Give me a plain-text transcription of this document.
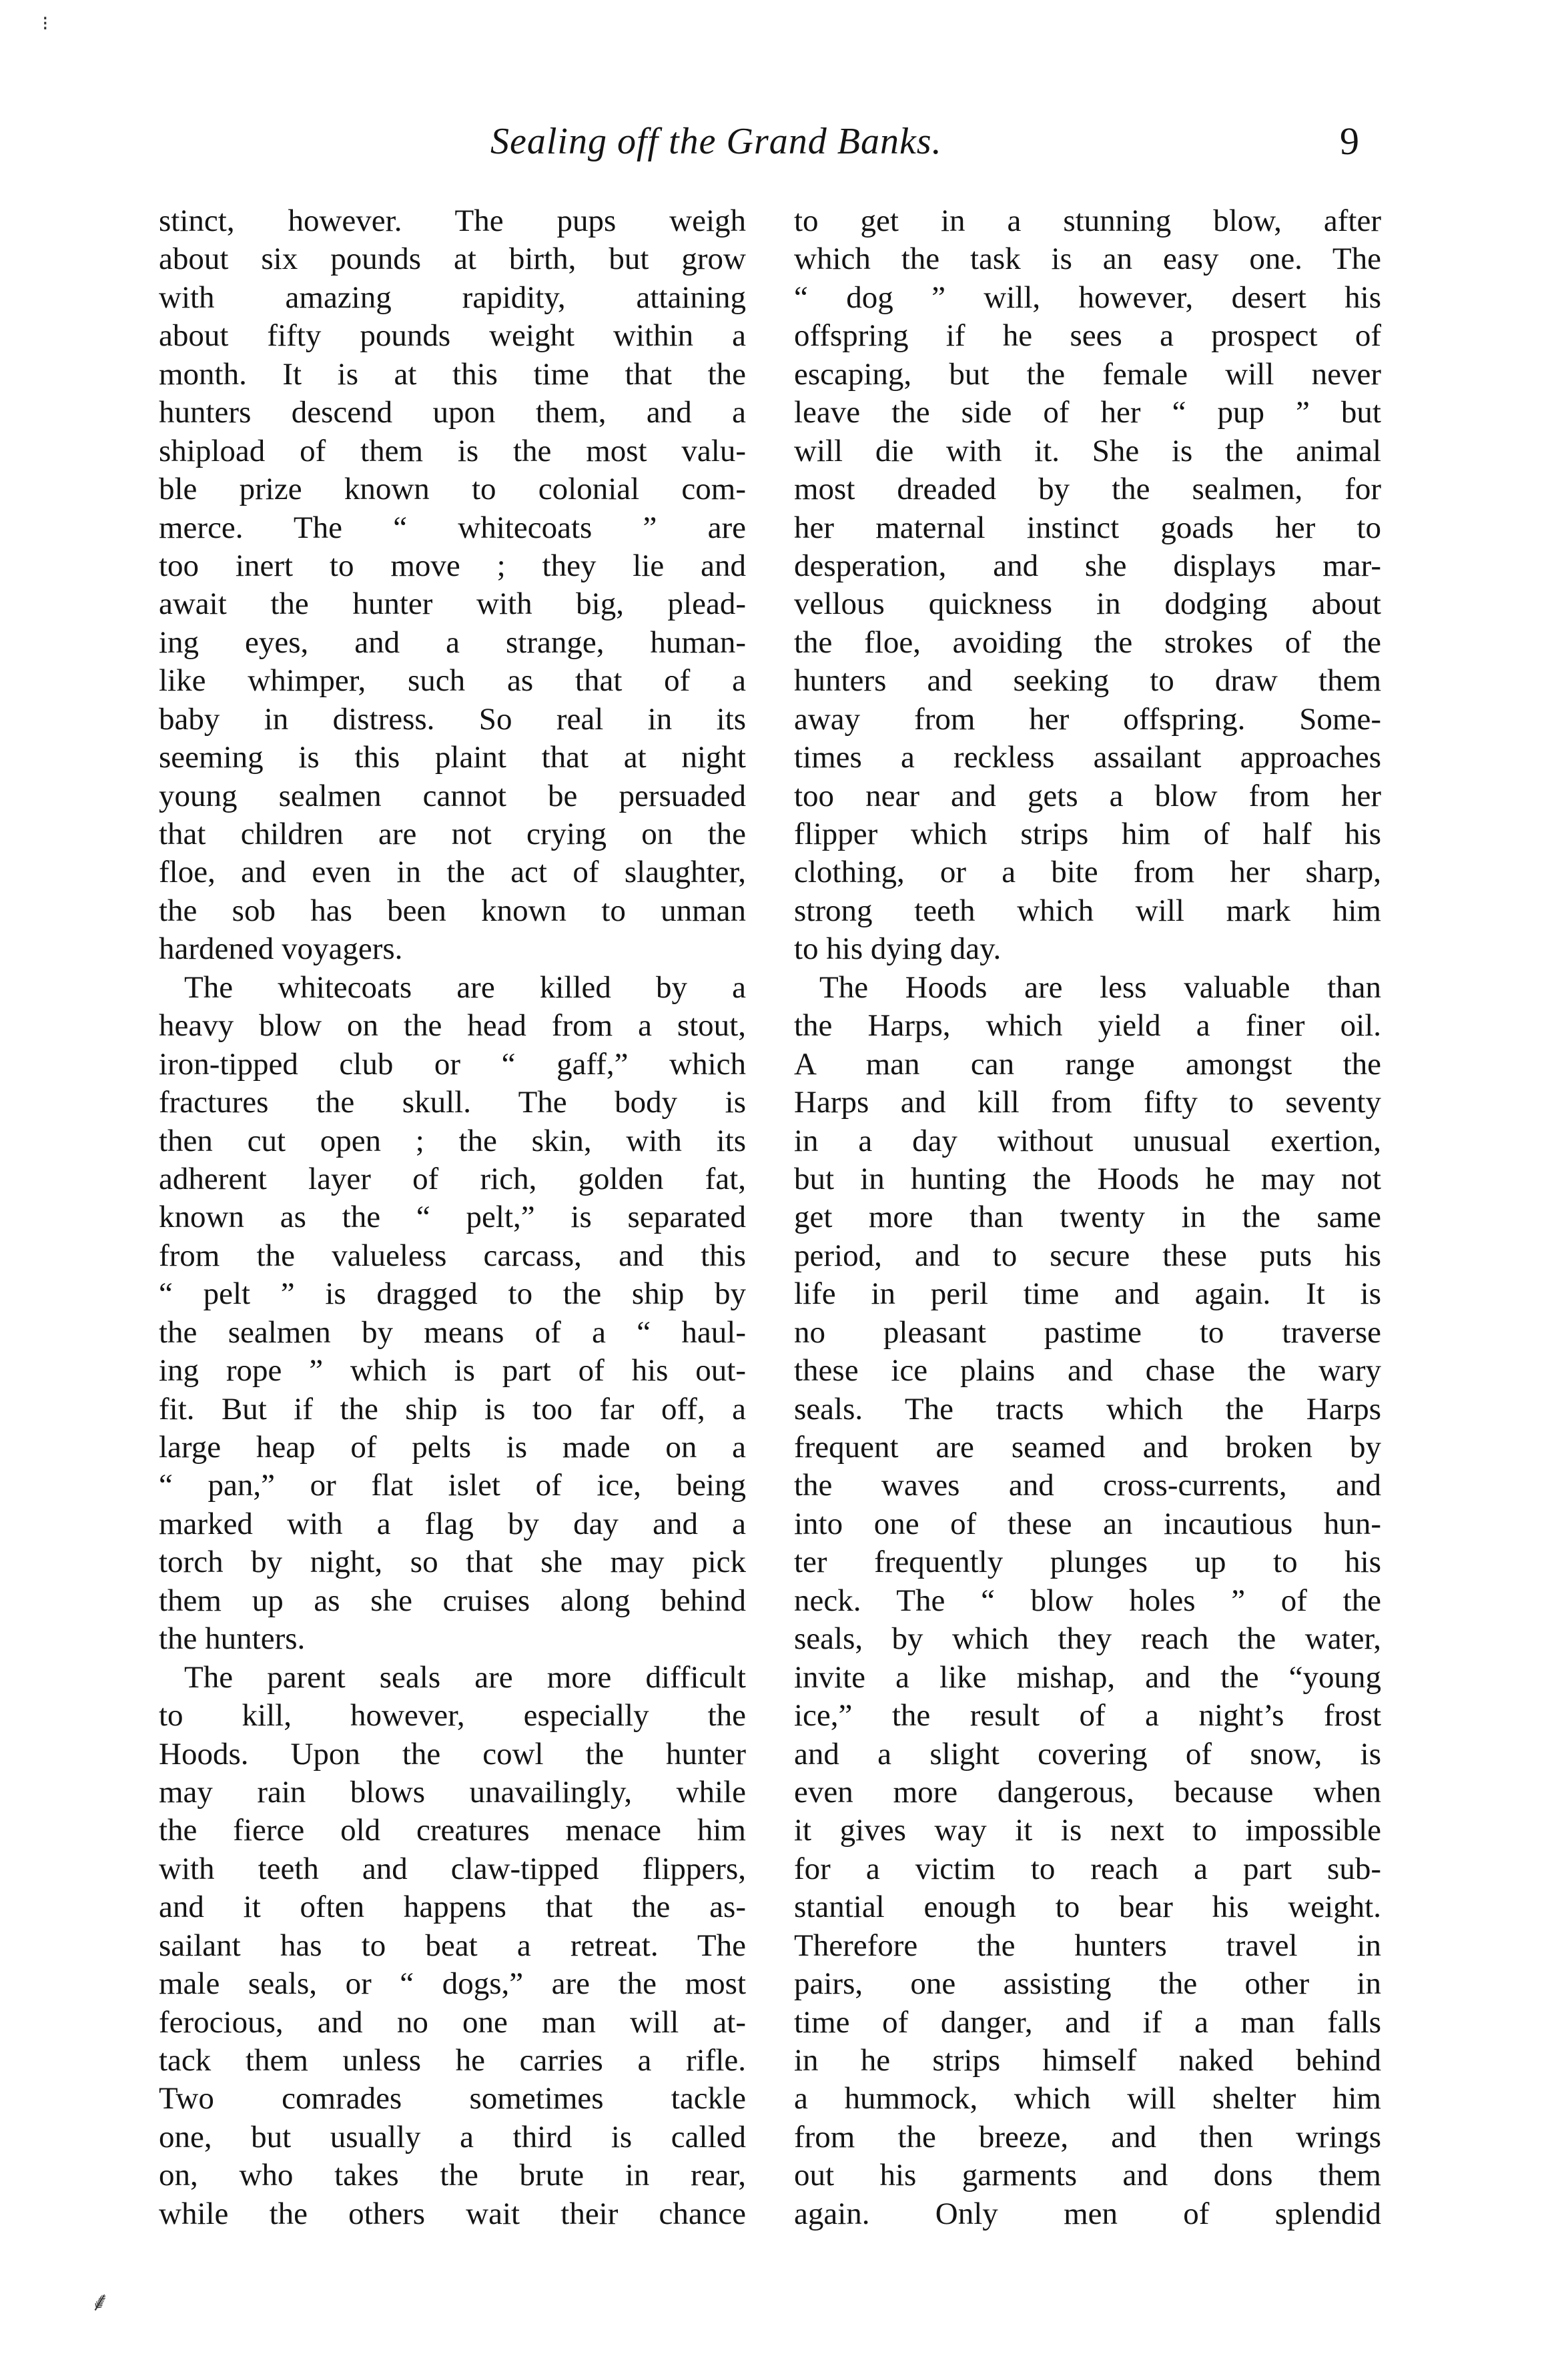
⁝
Sealing off the Grand Banks.	9
stinct, however. The pups weigh
about six pounds at birth, but grow
with amazing rapidity, attaining
about fifty pounds weight within a
month. It is at this time that the
hunters descend upon them, and a
shipload of them is the most valu-
ble prize known to colonial com-
merce. The “ whitecoats ” are
too inert to move ; they lie and
await the hunter with big, plead-
ing eyes, and a strange, human-
like whimper, such as that of a
baby in distress. So real in its
seeming is this plaint that at night
young sealmen cannot be persuaded
that children are not crying on the
floe, and even in the act of slaughter,
the sob has been known to unman
hardened voyagers.
The whitecoats are killed by a
heavy blow on the head from a stout,
iron-tipped club or “ gaff,” which
fractures the skull. The body is
then cut open ; the skin, with its
adherent layer of rich, golden fat,
known as the “ pelt,” is separated
from the valueless carcass, and this
“ pelt ” is dragged to the ship by
the sealmen by means of a “ haul-
ing rope ” which is part of his out-
fit. But if the ship is too far off, a
large heap of pelts is made on a
“ pan,” or flat islet of ice, being
marked with a flag by day and a
torch by night, so that she may pick
them up as she cruises along behind
the hunters.
The parent seals are more difficult
to kill, however, especially the
Hoods. Upon the cowl the hunter
may rain blows unavailingly, while
the fierce old creatures menace him
with teeth and claw-tipped flippers,
and it often happens that the as-
sailant has to beat a retreat. The
male seals, or “ dogs,” are the most
ferocious, and no one man will at-
tack them unless he carries a rifle.
Two comrades sometimes tackle
one, but usually a third is called
on, who takes the brute in rear,
while the others wait their chance
to get in a stunning blow, after
which the task is an easy one. The
“ dog ” will, however, desert his
offspring if he sees a prospect of
escaping, but the female will never
leave the side of her “ pup ” but
will die with it. She is the animal
most dreaded by the sealmen, for
her maternal instinct goads her to
desperation, and she displays mar-
vellous quickness in dodging about
the floe, avoiding the strokes of the
hunters and seeking to draw them
away from her offspring. Some-
times a reckless assailant approaches
too near and gets a blow from her
flipper which strips him of half his
clothing, or a bite from her sharp,
strong teeth which will mark him
to his dying day.
The Hoods are less valuable than
the Harps, which yield a finer oil.
A man can range amongst the
Harps and kill from fifty to seventy
in a day without unusual exertion,
but in hunting the Hoods he may not
get more than twenty in the same
period, and to secure these puts his
life in peril time and again. It is
no pleasant pastime to traverse
these ice plains and chase the wary
seals. The tracts which the Harps
frequent are seamed and broken by
the waves and cross-currents, and
into one of these an incautious hun-
ter frequently plunges up to his
neck. The “ blow holes ” of the
seals, by which they reach the water,
invite a like mishap, and the “young
ice,” the result of a night’s frost
and a slight covering of snow, is
even more dangerous, because when
it gives way it is next to impossible
for a victim to reach a part sub-
stantial enough to bear his weight.
Therefore the hunters travel in
pairs, one assisting the other in
time of danger, and if a man falls
in he strips himself naked behind
a hummock, which will shelter him
from the breeze, and then wrings
out his garments and dons them
again. Only men of splendid
⸙
